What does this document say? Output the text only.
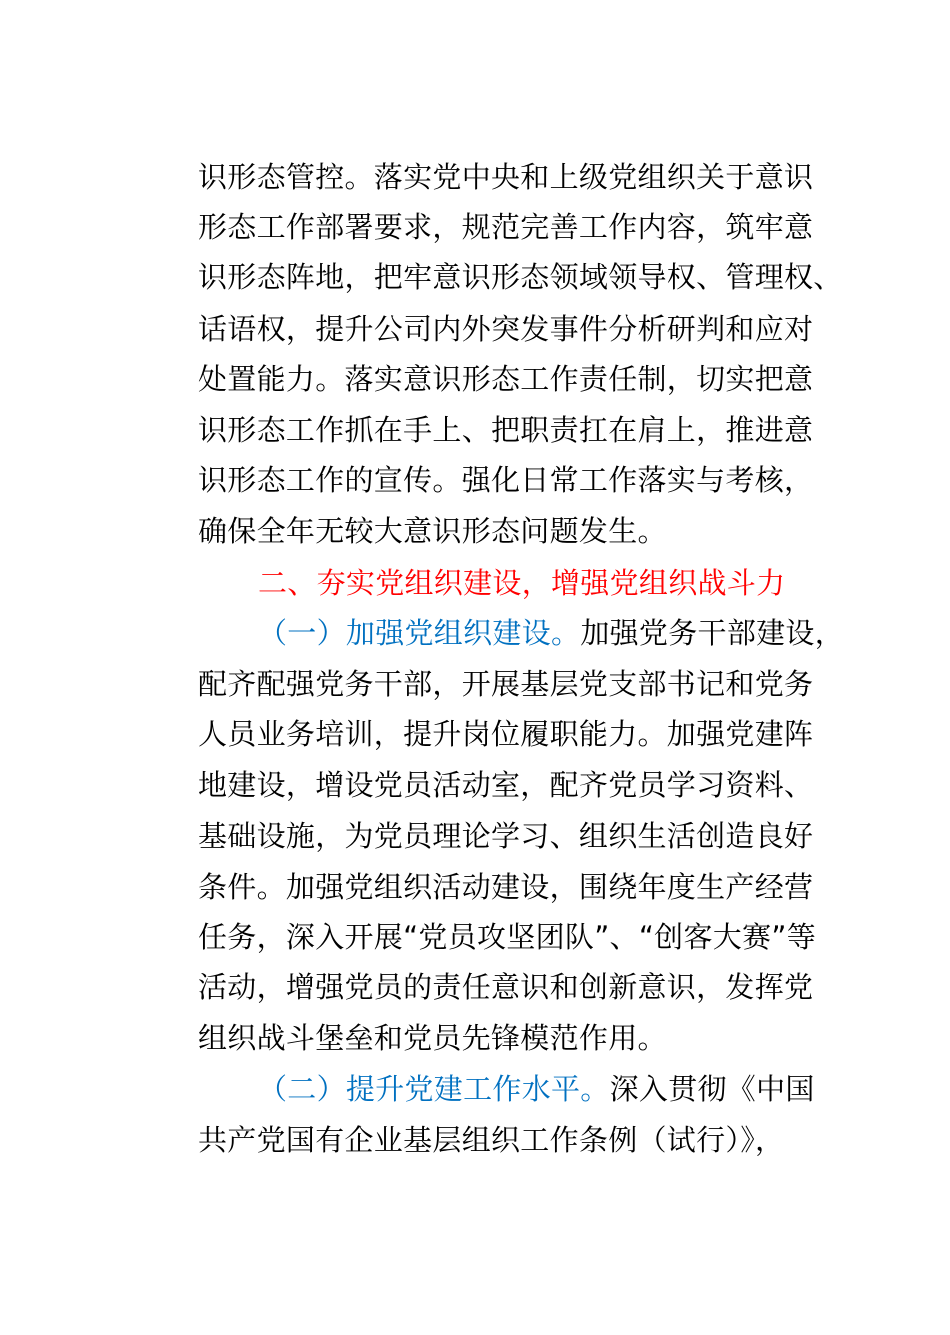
识形态管控。落实党中央和上级党组织关于意识
形态工作部署要求，规范完善工作内容，筑牢意
识形态阵地，把牢意识形态领域领导权、管理权、
话语权，提升公司内外突发事件分析研判和应对
处置能力。落实意识形态工作责任制，切实把意
识形态工作抓在手上、把职责扛在肩上，推进意
识形态工作的宣传。强化日常工作落实与考核，
确保全年无较大意识形态问题发生。
二、夯实党组织建设，增强党组织战斗力
（一）加强党组织建设。加强党务干部建设，
配齐配强党务干部，开展基层党支部书记和党务
人员业务培训，提升岗位履职能力。加强党建阵
地建设，增设党员活动室，配齐党员学习资料、
基础设施，为党员理论学习、组织生活创造良好
条件。加强党组织活动建设，围绕年度生产经营
任务，深入开展“党员攻坚团队”、“创客大赛”等
活动，增强党员的责任意识和创新意识，发挥党
组织战斗堡垒和党员先锋模范作用。
（二）提升党建工作水平。深入贯彻《中国
共产党国有企业基层组织工作条例（试行）》，
